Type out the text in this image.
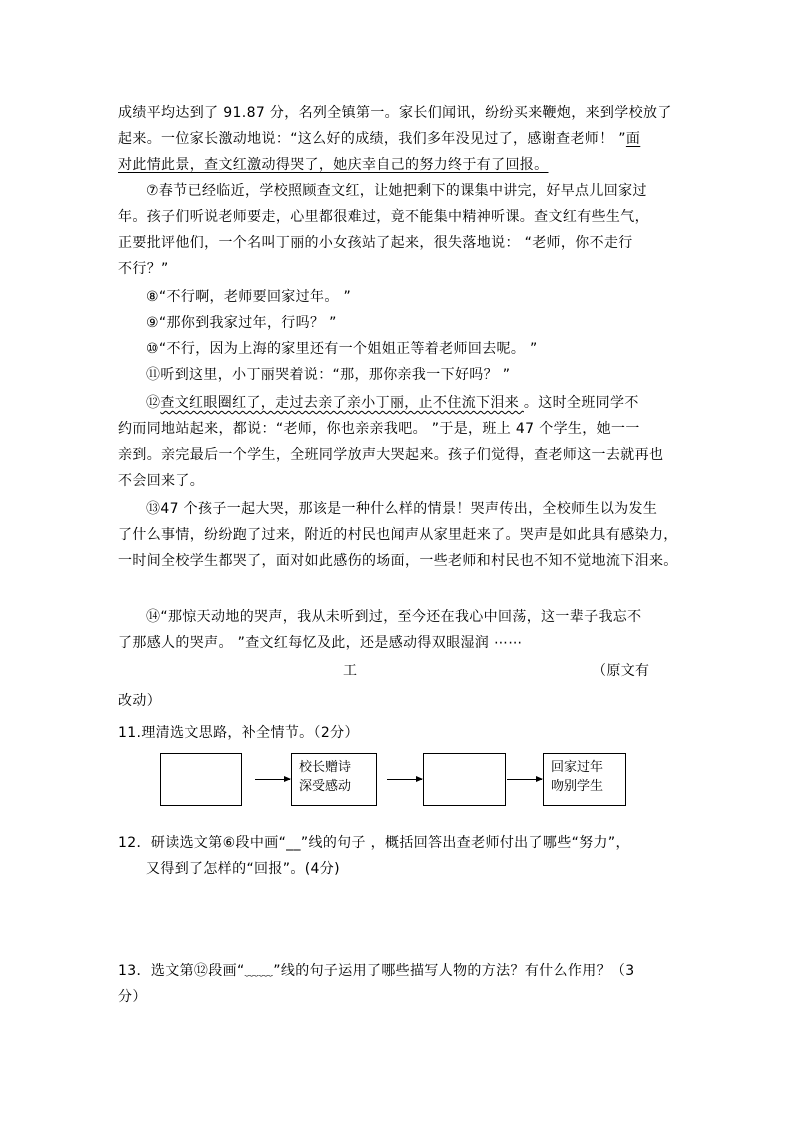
成绩平均达到了 91.87 分，名列全镇第一。家长们闻讯，纷纷买来鞭炮，来到学校放了
起来。一位家长激动地说：“这么好的成绩，我们多年没见过了，感谢查老师！ ”面
对此情此景，查文红激动得哭了，她庆幸自己的努力终于有了回报。
⑦春节已经临近，学校照顾查文红，让她把剩下的课集中讲完，好早点儿回家过
年。孩子们听说老师要走，心里都很难过，竟不能集中精神听课。查文红有些生气，
正要批评他们，一个名叫丁丽的小女孩站了起来，很失落地说： “老师，你不走行
不行？”
⑧“不行啊，老师要回家过年。 ”
⑨“那你到我家过年，行吗？ ”
⑩“不行，因为上海的家里还有一个姐姐正等着老师回去呢。 ”
⑪听到这里，小丁丽哭着说：“那，那你亲我一下好吗？ ”
⑫查文红眼圈红了，走过去亲了亲小丁丽，止不住流下泪来 。这时全班同学不
约而同地站起来，都说：“老师，你也亲亲我吧。 ”于是，班上 47 个学生，她一一
亲到。亲完最后一个学生，全班同学放声大哭起来。孩子们觉得，查老师这一去就再也
不会回来了。
⑬47 个孩子一起大哭，那该是一种什么样的情景！哭声传出，全校师生以为发生
了什么事情，纷纷跑了过来，附近的村民也闻声从家里赶来了。哭声是如此具有感染力，
一时间全校学生都哭了，面对如此感伤的场面，一些老师和村民也不知不觉地流下泪来。
⑭“那惊天动地的哭声，我从未听到过，至今还在我心中回荡，这一辈子我忘不
了那感人的哭声。 ”查文红每忆及此，还是感动得双眼湿润 ⋯⋯
工	（原文有
改动）
11.理清选文思路，补全情节。（2分）
校长赠诗
深受感动
回家过年
吻别学生
12．研读选文第⑥段中画“__”线的句子 ，概括回答出查老师付出了哪些“努力”，
又得到了怎样的“回报”。(4分)
13．选文第⑫段画“﹏﹏”线的句子运用了哪些描写人物的方法？有什么作用？（3
分）
